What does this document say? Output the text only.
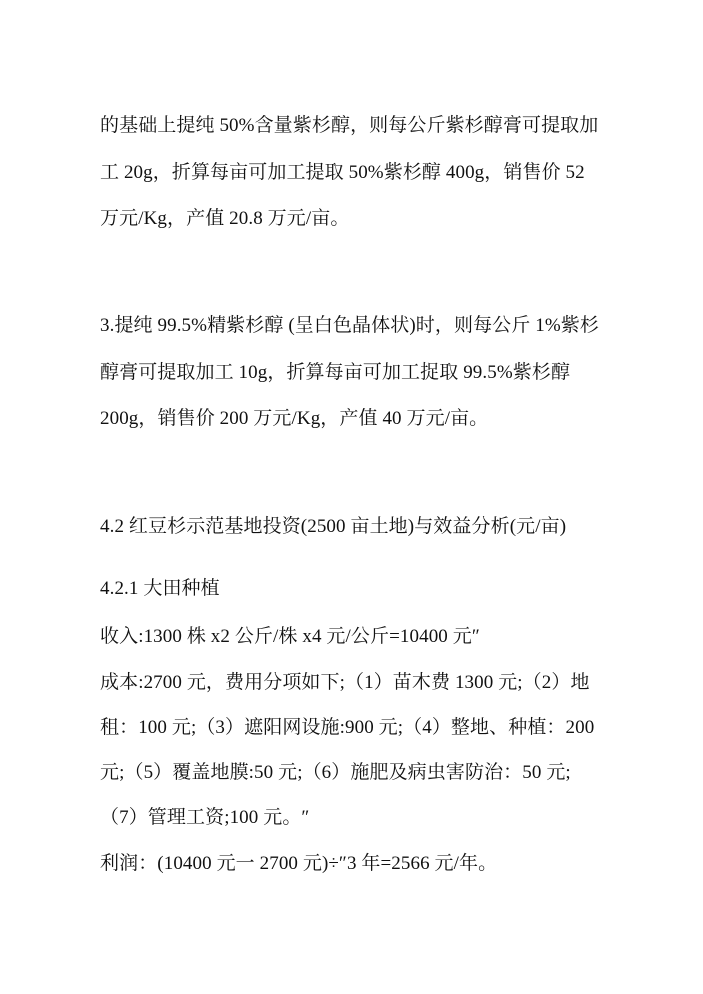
的基础上提纯 50%含量紫杉醇，则每公斤紫杉醇膏可提取加
工 20g，折算每亩可加工提取 50%紫杉醇 400g，销售价 52
万元/Kg，产值 20.8 万元/亩。
3.提纯 99.5%精紫杉醇 (呈白色晶体状)时，则每公斤 1%紫杉
醇膏可提取加工 10g，折算每亩可加工捉取 99.5%紫杉醇
200g，销售价 200 万元/Kg，产值 40 万元/亩。
4.2 红豆杉示范基地投资(2500 亩土地)与效益分析(元/亩)
4.2.1 大田种植
收入:1300 株 x2 公斤/株 x4 元/公斤=10400 元″
成本:2700 元，费用分项如下;（1）苗木费 1300 元;（2）地
租：100 元;（3）遮阳网设施:900 元;（4）整地、种植：200
元;（5）覆盖地膜:50 元;（6）施肥及病虫害防治：50 元;
（7）管理工资;100 元。″
利润：(10400 元一 2700 元)÷″3 年=2566 元/年。
